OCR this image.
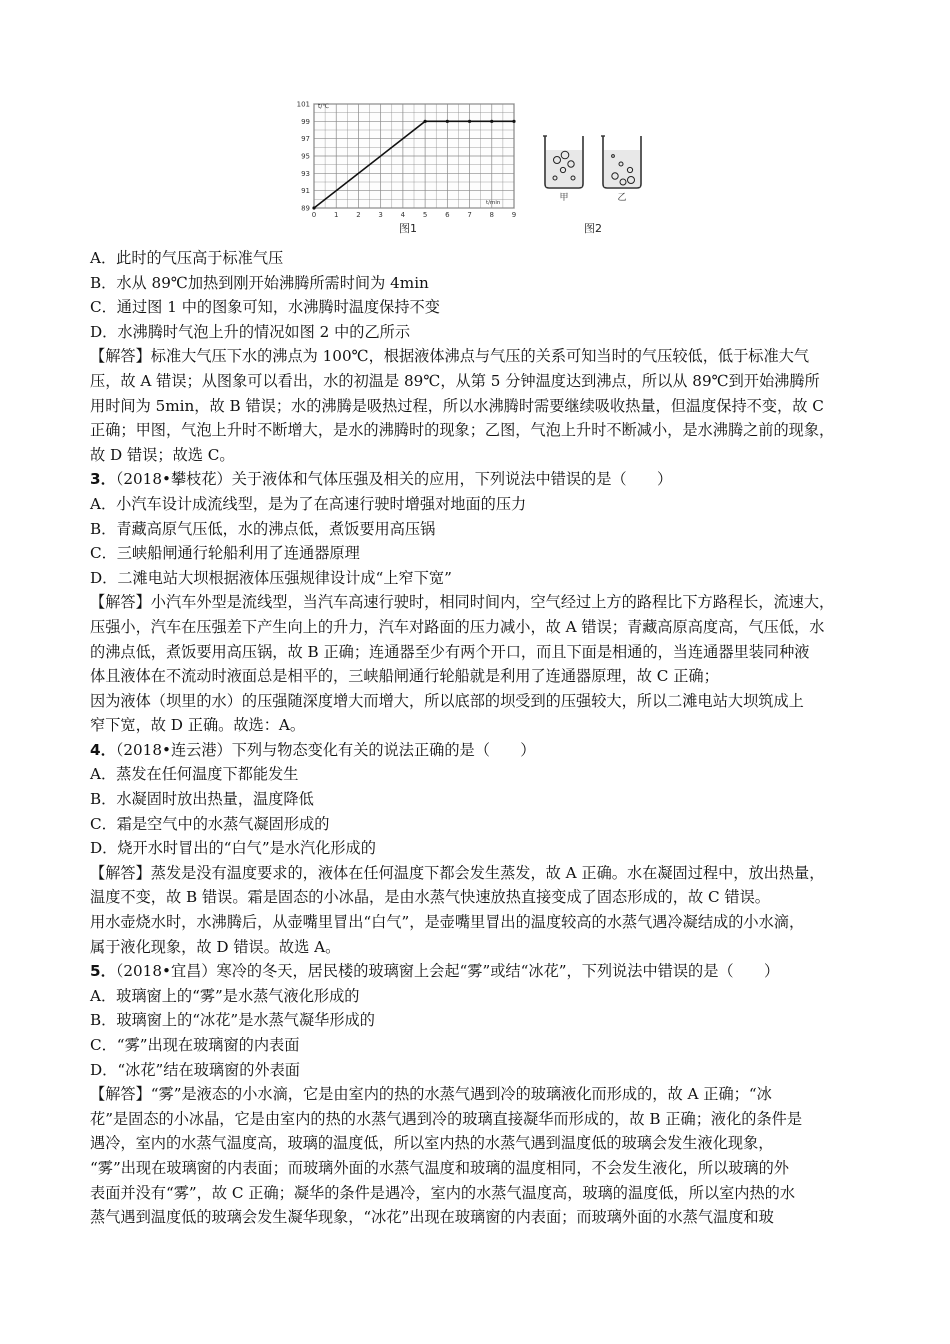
89
91
93
95
97
99
101
0	1	2	3	4	5	6	7	8	9
t/℃
t/min
图1
甲	乙
图2
A．此时的气压高于标准气压
B．水从 89℃加热到刚开始沸腾所需时间为 4min
C．通过图 1 中的图象可知，水沸腾时温度保持不变
D．水沸腾时气泡上升的情况如图 2 中的乙所示
【解答】标准大气压下水的沸点为 100℃，根据液体沸点与气压的关系可知当时的气压较低，低于标准大气
压，故 A 错误；从图象可以看出，水的初温是 89℃，从第 5 分钟温度达到沸点，所以从 89℃到开始沸腾所
用时间为 5min，故 B 错误；水的沸腾是吸热过程，所以水沸腾时需要继续吸收热量，但温度保持不变，故 C
正确；甲图，气泡上升时不断增大，是水的沸腾时的现象；乙图，气泡上升时不断减小，是水沸腾之前的现象，
故 D 错误；故选 C。
3．（2018•攀枝花）关于液体和气体压强及相关的应用，下列说法中错误的是（　　）
A．小汽车设计成流线型，是为了在高速行驶时增强对地面的压力
B．青藏高原气压低，水的沸点低，煮饭要用高压锅
C．三峡船闸通行轮船利用了连通器原理
D．二滩电站大坝根据液体压强规律设计成“上窄下宽”
【解答】小汽车外型是流线型，当汽车高速行驶时，相同时间内，空气经过上方的路程比下方路程长，流速大，
压强小，汽车在压强差下产生向上的升力，汽车对路面的压力减小，故 A 错误；青藏高原高度高，气压低，水
的沸点低，煮饭要用高压锅，故 B 正确；连通器至少有两个开口，而且下面是相通的，当连通器里装同种液
体且液体在不流动时液面总是相平的，三峡船闸通行轮船就是利用了连通器原理，故 C 正确；
因为液体（坝里的水）的压强随深度增大而增大，所以底部的坝受到的压强较大，所以二滩电站大坝筑成上
窄下宽，故 D 正确。故选：A。
4．（2018•连云港）下列与物态变化有关的说法正确的是（　　）
A．蒸发在任何温度下都能发生
B．水凝固时放出热量，温度降低
C．霜是空气中的水蒸气凝固形成的
D．烧开水时冒出的“白气”是水汽化形成的
【解答】蒸发是没有温度要求的，液体在任何温度下都会发生蒸发，故 A 正确。水在凝固过程中，放出热量，
温度不变，故 B 错误。霜是固态的小冰晶，是由水蒸气快速放热直接变成了固态形成的，故 C 错误。
用水壶烧水时，水沸腾后，从壶嘴里冒出“白气”，是壶嘴里冒出的温度较高的水蒸气遇冷凝结成的小水滴，
属于液化现象，故 D 错误。故选 A。
5．（2018•宜昌）寒冷的冬天，居民楼的玻璃窗上会起“雾”或结“冰花”，下列说法中错误的是（　　）
A．玻璃窗上的“雾”是水蒸气液化形成的
B．玻璃窗上的“冰花”是水蒸气凝华形成的
C．“雾”出现在玻璃窗的内表面
D．“冰花”结在玻璃窗的外表面
【解答】“雾”是液态的小水滴，它是由室内的热的水蒸气遇到冷的玻璃液化而形成的，故 A 正确；“冰
花”是固态的小冰晶，它是由室内的热的水蒸气遇到冷的玻璃直接凝华而形成的，故 B 正确；液化的条件是
遇冷，室内的水蒸气温度高，玻璃的温度低，所以室内热的水蒸气遇到温度低的玻璃会发生液化现象，
“雾”出现在玻璃窗的内表面；而玻璃外面的水蒸气温度和玻璃的温度相同，不会发生液化，所以玻璃的外
表面并没有“雾”，故 C 正确；凝华的条件是遇冷，室内的水蒸气温度高，玻璃的温度低，所以室内热的水
蒸气遇到温度低的玻璃会发生凝华现象，“冰花”出现在玻璃窗的内表面；而玻璃外面的水蒸气温度和玻
